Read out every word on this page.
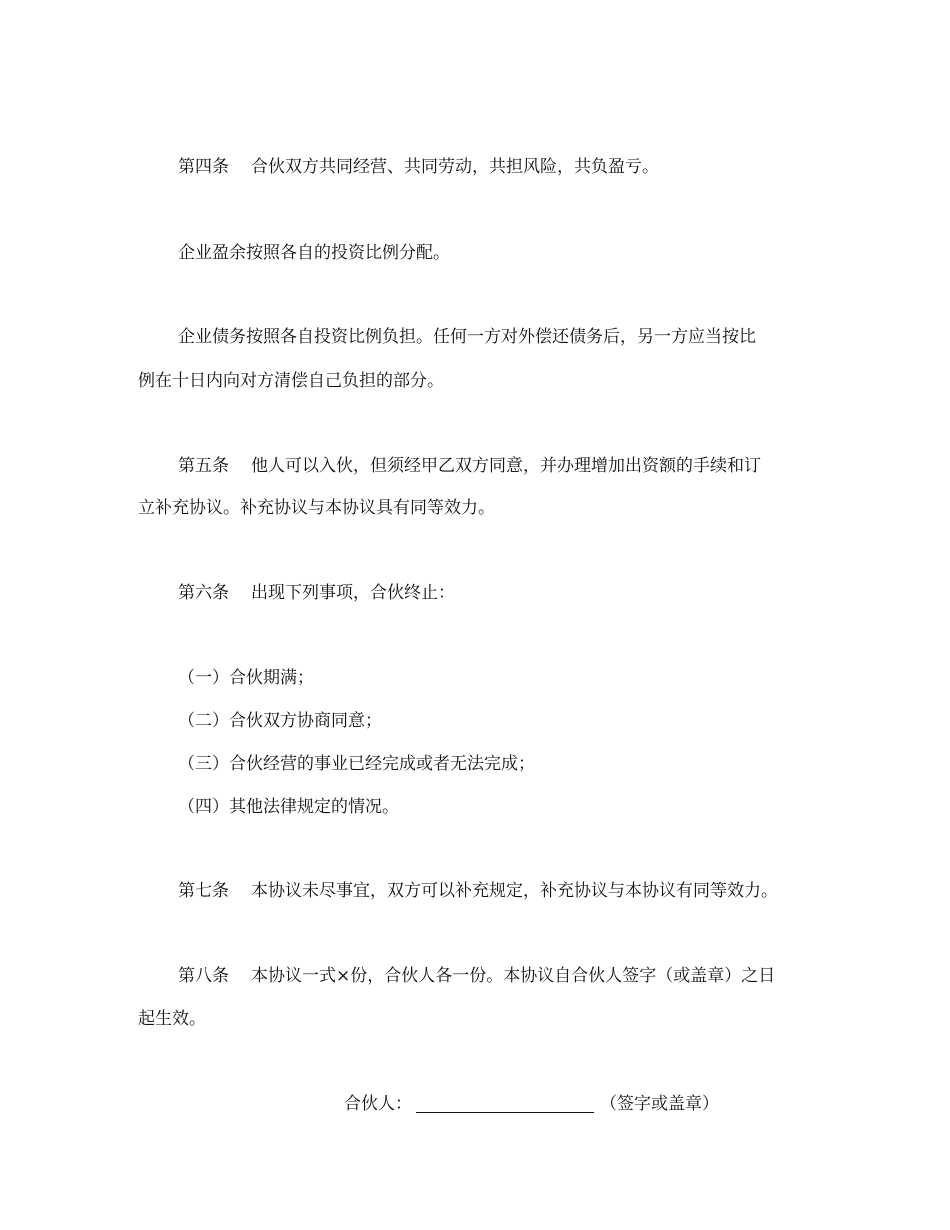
第四条 合伙双方共同经营、共同劳动，共担风险，共负盈亏。
企业盈余按照各自的投资比例分配。
企业债务按照各自投资比例负担。任何一方对外偿还债务后，另一方应当按比
例在十日内向对方清偿自己负担的部分。
第五条 他人可以入伙，但须经甲乙双方同意，并办理增加出资额的手续和订
立补充协议。补充协议与本协议具有同等效力。
第六条 出现下列事项，合伙终止：
（一）合伙期满；
（二）合伙双方协商同意；
（三）合伙经营的事业已经完成或者无法完成；
（四）其他法律规定的情况。
第七条 本协议未尽事宜，双方可以补充规定，补充协议与本协议有同等效力。
第八条 本协议一式×份，合伙人各一份。本协议自合伙人签字（或盖章）之日
起生效。
合伙人：	（签字或盖章）
